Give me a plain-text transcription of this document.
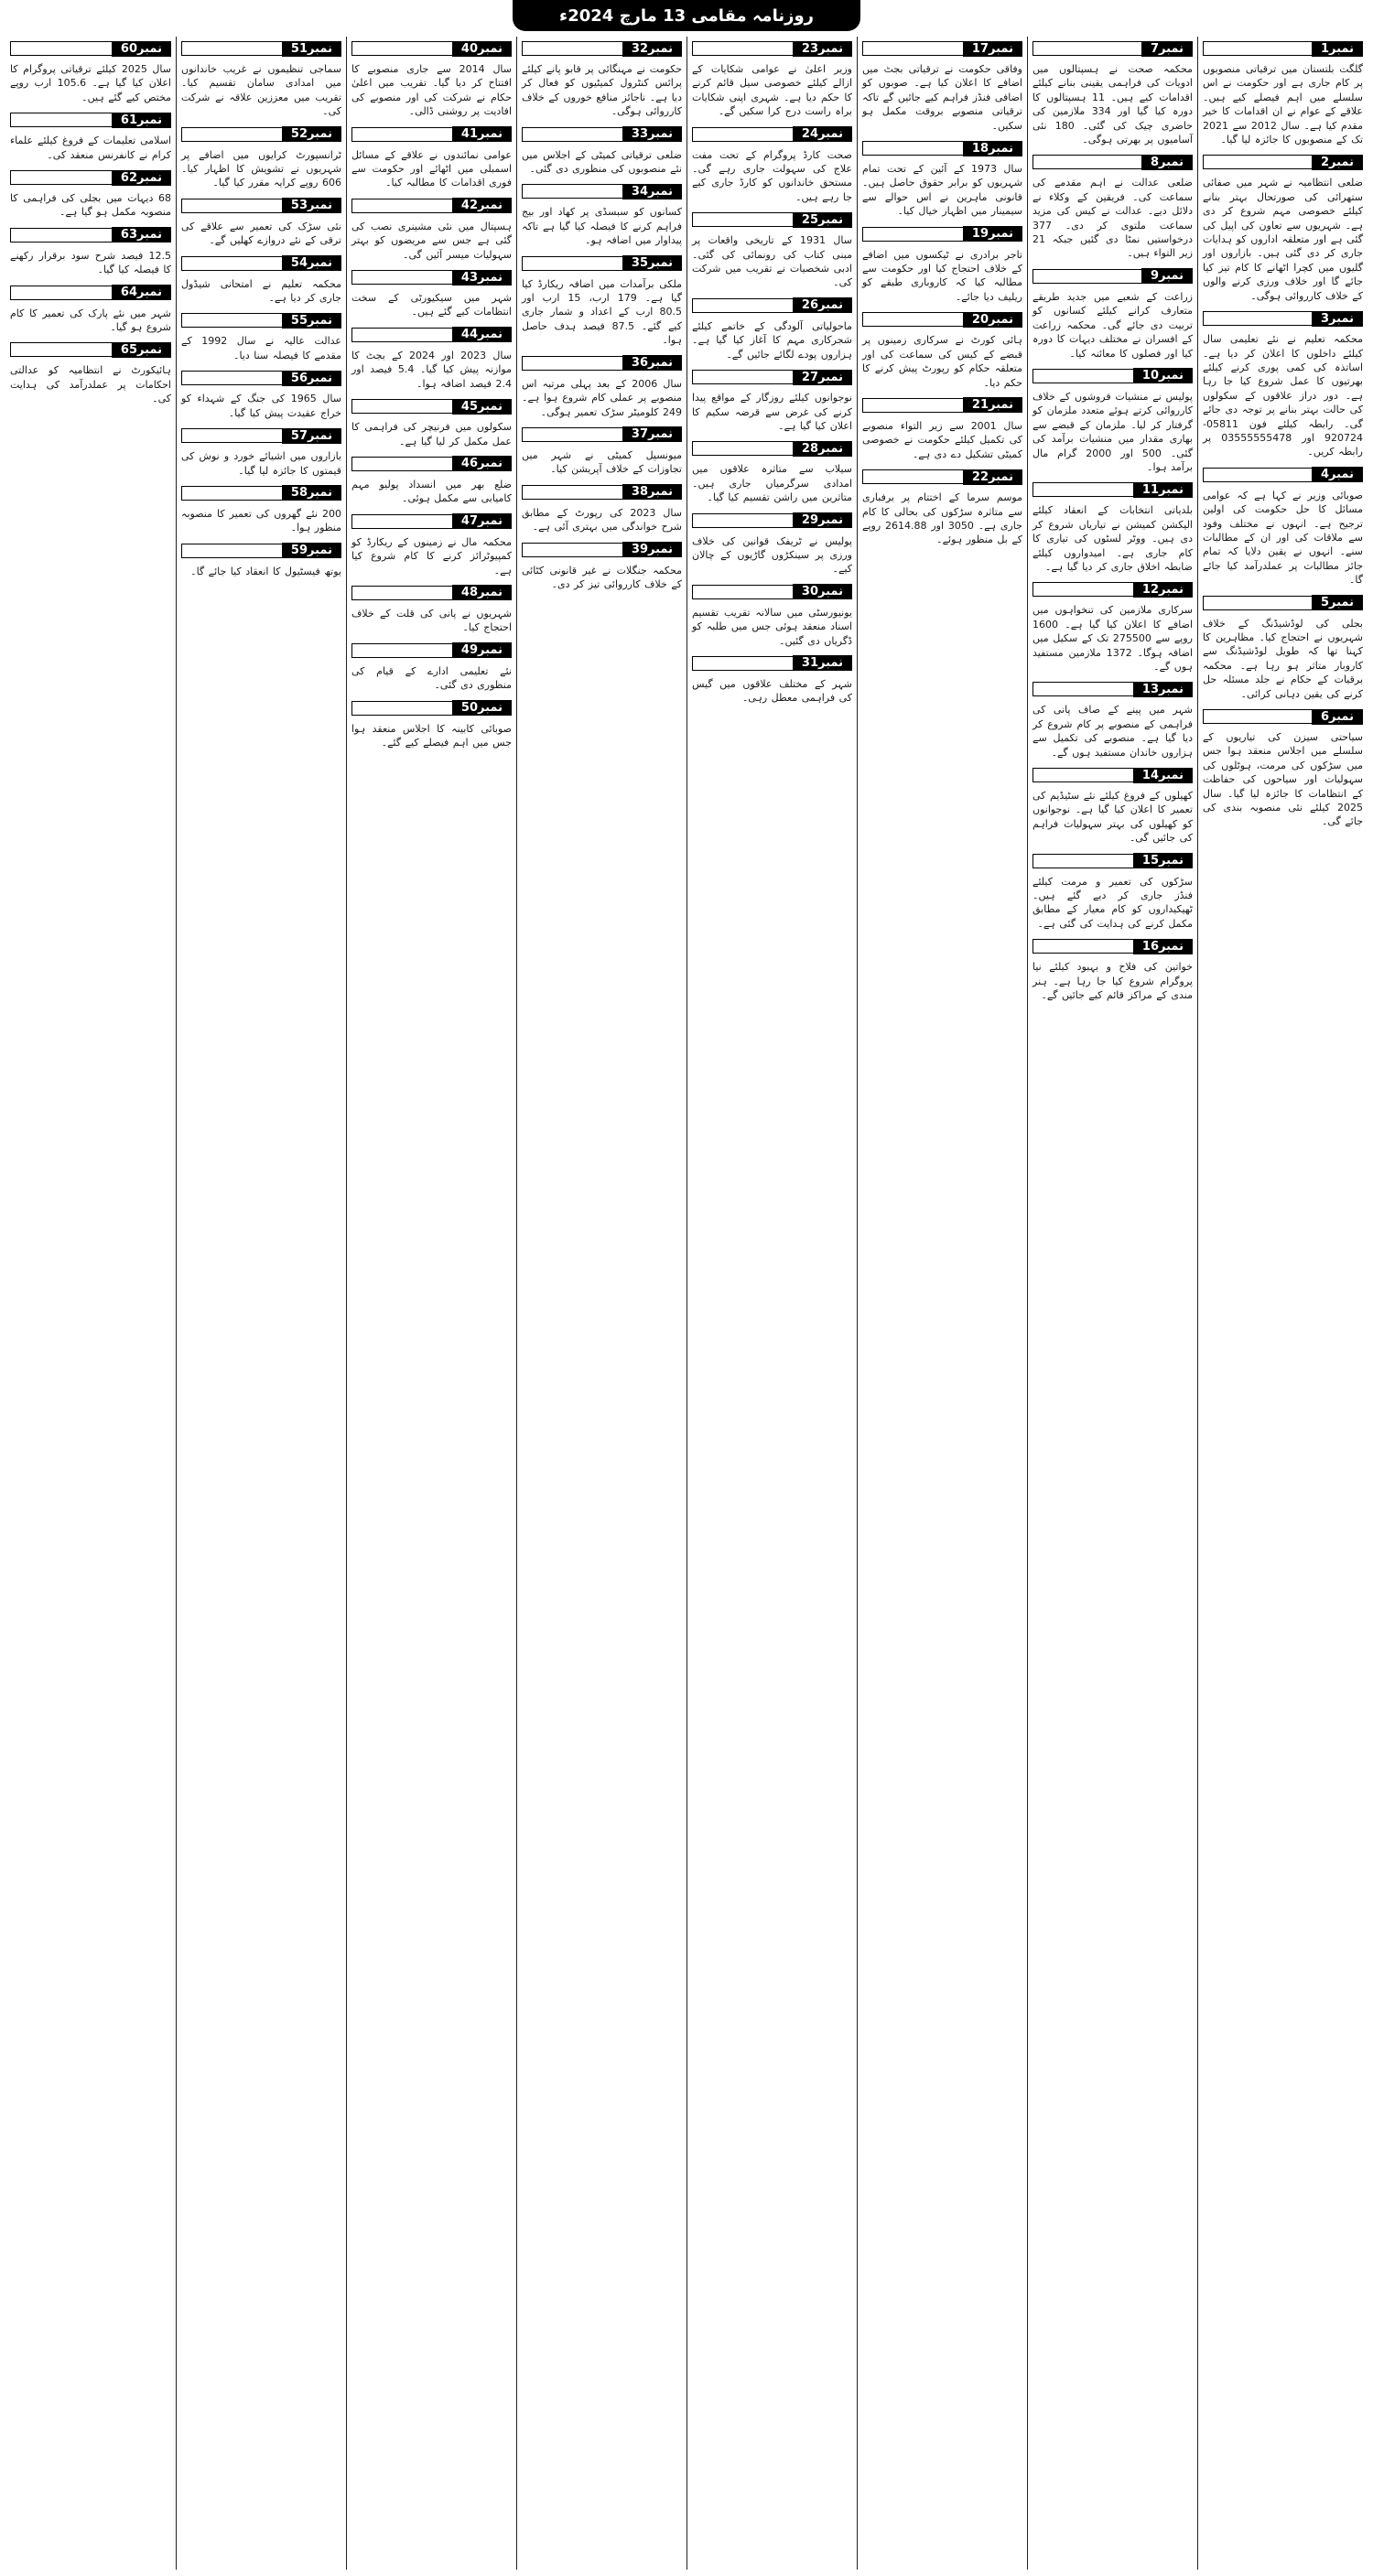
روزنامہ مقامی 13 مارچ 2024ء
نمبر1
گلگت بلتستان میں ترقیاتی منصوبوں پر کام جاری ہے اور حکومت نے اس سلسلے میں اہم فیصلے کیے ہیں۔ علاقے کے عوام نے ان اقدامات کا خیر مقدم کیا ہے۔ سال 2012 سے 2021 تک کے منصوبوں کا جائزہ لیا گیا۔
نمبر2
ضلعی انتظامیہ نے شہر میں صفائی ستھرائی کی صورتحال بہتر بنانے کیلئے خصوصی مہم شروع کر دی ہے۔ شہریوں سے تعاون کی اپیل کی گئی ہے اور متعلقہ اداروں کو ہدایات جاری کر دی گئی ہیں۔ بازاروں اور گلیوں میں کچرا اٹھانے کا کام تیز کیا جائے گا اور خلاف ورزی کرنے والوں کے خلاف کارروائی ہوگی۔
نمبر3
محکمہ تعلیم نے نئے تعلیمی سال کیلئے داخلوں کا اعلان کر دیا ہے۔ اساتذہ کی کمی پوری کرنے کیلئے بھرتیوں کا عمل شروع کیا جا رہا ہے۔ دور دراز علاقوں کے سکولوں کی حالت بہتر بنانے پر توجہ دی جائے گی۔ رابطہ کیلئے فون 05811-920724 اور 03555555478 پر رابطہ کریں۔
نمبر4
صوبائی وزیر نے کہا ہے کہ عوامی مسائل کا حل حکومت کی اولین ترجیح ہے۔ انہوں نے مختلف وفود سے ملاقات کی اور ان کے مطالبات سنے۔ انہوں نے یقین دلایا کہ تمام جائز مطالبات پر عملدرآمد کیا جائے گا۔
نمبر5
بجلی کی لوڈشیڈنگ کے خلاف شہریوں نے احتجاج کیا۔ مظاہرین کا کہنا تھا کہ طویل لوڈشیڈنگ سے کاروبار متاثر ہو رہا ہے۔ محکمہ برقیات کے حکام نے جلد مسئلہ حل کرنے کی یقین دہانی کرائی۔
نمبر6
سیاحتی سیزن کی تیاریوں کے سلسلے میں اجلاس منعقد ہوا جس میں سڑکوں کی مرمت، ہوٹلوں کی سہولیات اور سیاحوں کی حفاظت کے انتظامات کا جائزہ لیا گیا۔ سال 2025 کیلئے نئی منصوبہ بندی کی جائے گی۔
نمبر7
محکمہ صحت نے ہسپتالوں میں ادویات کی فراہمی یقینی بنانے کیلئے اقدامات کیے ہیں۔ 11 ہسپتالوں کا دورہ کیا گیا اور 334 ملازمین کی حاضری چیک کی گئی۔ 180 نئی آسامیوں پر بھرتی ہوگی۔
نمبر8
ضلعی عدالت نے اہم مقدمے کی سماعت کی۔ فریقین کے وکلاء نے دلائل دیے۔ عدالت نے کیس کی مزید سماعت ملتوی کر دی۔ 377 درخواستیں نمٹا دی گئیں جبکہ 21 زیر التواء ہیں۔
نمبر9
زراعت کے شعبے میں جدید طریقے متعارف کرانے کیلئے کسانوں کو تربیت دی جائے گی۔ محکمہ زراعت کے افسران نے مختلف دیہات کا دورہ کیا اور فصلوں کا معائنہ کیا۔
نمبر10
پولیس نے منشیات فروشوں کے خلاف کارروائی کرتے ہوئے متعدد ملزمان کو گرفتار کر لیا۔ ملزمان کے قبضے سے بھاری مقدار میں منشیات برآمد کی گئی۔ 500 اور 2000 گرام مال برآمد ہوا۔
نمبر11
بلدیاتی انتخابات کے انعقاد کیلئے الیکشن کمیشن نے تیاریاں شروع کر دی ہیں۔ ووٹر لسٹوں کی تیاری کا کام جاری ہے۔ امیدواروں کیلئے ضابطہ اخلاق جاری کر دیا گیا ہے۔
نمبر12
سرکاری ملازمین کی تنخواہوں میں اضافے کا اعلان کیا گیا ہے۔ 1600 روپے سے 275500 تک کے سکیل میں اضافہ ہوگا۔ 1372 ملازمین مستفید ہوں گے۔
نمبر13
شہر میں پینے کے صاف پانی کی فراہمی کے منصوبے پر کام شروع کر دیا گیا ہے۔ منصوبے کی تکمیل سے ہزاروں خاندان مستفید ہوں گے۔
نمبر14
کھیلوں کے فروغ کیلئے نئے سٹیڈیم کی تعمیر کا اعلان کیا گیا ہے۔ نوجوانوں کو کھیلوں کی بہتر سہولیات فراہم کی جائیں گی۔
نمبر15
سڑکوں کی تعمیر و مرمت کیلئے فنڈز جاری کر دیے گئے ہیں۔ ٹھیکیداروں کو کام معیار کے مطابق مکمل کرنے کی ہدایت کی گئی ہے۔
نمبر16
خواتین کی فلاح و بہبود کیلئے نیا پروگرام شروع کیا جا رہا ہے۔ ہنر مندی کے مراکز قائم کیے جائیں گے۔
نمبر17
وفاقی حکومت نے ترقیاتی بجٹ میں اضافے کا اعلان کیا ہے۔ صوبوں کو اضافی فنڈز فراہم کیے جائیں گے تاکہ ترقیاتی منصوبے بروقت مکمل ہو سکیں۔
نمبر18
سال 1973 کے آئین کے تحت تمام شہریوں کو برابر حقوق حاصل ہیں۔ قانونی ماہرین نے اس حوالے سے سیمینار میں اظہار خیال کیا۔
نمبر19
تاجر برادری نے ٹیکسوں میں اضافے کے خلاف احتجاج کیا اور حکومت سے مطالبہ کیا کہ کاروباری طبقے کو ریلیف دیا جائے۔
نمبر20
ہائی کورٹ نے سرکاری زمینوں پر قبضے کے کیس کی سماعت کی اور متعلقہ حکام کو رپورٹ پیش کرنے کا حکم دیا۔
نمبر21
سال 2001 سے زیر التواء منصوبے کی تکمیل کیلئے حکومت نے خصوصی کمیٹی تشکیل دے دی ہے۔
نمبر22
موسم سرما کے اختتام پر برفباری سے متاثرہ سڑکوں کی بحالی کا کام جاری ہے۔ 3050 اور 2614.88 روپے کے بل منظور ہوئے۔
نمبر23
وزیر اعلیٰ نے عوامی شکایات کے ازالے کیلئے خصوصی سیل قائم کرنے کا حکم دیا ہے۔ شہری اپنی شکایات براہ راست درج کرا سکیں گے۔
نمبر24
صحت کارڈ پروگرام کے تحت مفت علاج کی سہولت جاری رہے گی۔ مستحق خاندانوں کو کارڈ جاری کیے جا رہے ہیں۔
نمبر25
سال 1931 کے تاریخی واقعات پر مبنی کتاب کی رونمائی کی گئی۔ ادبی شخصیات نے تقریب میں شرکت کی۔
نمبر26
ماحولیاتی آلودگی کے خاتمے کیلئے شجرکاری مہم کا آغاز کیا گیا ہے۔ ہزاروں پودے لگائے جائیں گے۔
نمبر27
نوجوانوں کیلئے روزگار کے مواقع پیدا کرنے کی غرض سے قرضہ سکیم کا اعلان کیا گیا ہے۔
نمبر28
سیلاب سے متاثرہ علاقوں میں امدادی سرگرمیاں جاری ہیں۔ متاثرین میں راشن تقسیم کیا گیا۔
نمبر29
پولیس نے ٹریفک قوانین کی خلاف ورزی پر سینکڑوں گاڑیوں کے چالان کیے۔
نمبر30
یونیورسٹی میں سالانہ تقریب تقسیم اسناد منعقد ہوئی جس میں طلبہ کو ڈگریاں دی گئیں۔
نمبر31
شہر کے مختلف علاقوں میں گیس کی فراہمی معطل رہی۔
نمبر32
حکومت نے مہنگائی پر قابو پانے کیلئے پرائس کنٹرول کمیٹیوں کو فعال کر دیا ہے۔ ناجائز منافع خوروں کے خلاف کارروائی ہوگی۔
نمبر33
ضلعی ترقیاتی کمیٹی کے اجلاس میں نئے منصوبوں کی منظوری دی گئی۔
نمبر34
کسانوں کو سبسڈی پر کھاد اور بیج فراہم کرنے کا فیصلہ کیا گیا ہے تاکہ پیداوار میں اضافہ ہو۔
نمبر35
ملکی برآمدات میں اضافہ ریکارڈ کیا گیا ہے۔ 179 ارب، 15 ارب اور 80.5 ارب کے اعداد و شمار جاری کیے گئے۔ 87.5 فیصد ہدف حاصل ہوا۔
نمبر36
سال 2006 کے بعد پہلی مرتبہ اس منصوبے پر عملی کام شروع ہوا ہے۔ 249 کلومیٹر سڑک تعمیر ہوگی۔
نمبر37
میونسپل کمیٹی نے شہر میں تجاوزات کے خلاف آپریشن کیا۔
نمبر38
سال 2023 کی رپورٹ کے مطابق شرح خواندگی میں بہتری آئی ہے۔
نمبر39
محکمہ جنگلات نے غیر قانونی کٹائی کے خلاف کارروائی تیز کر دی۔
نمبر40
سال 2014 سے جاری منصوبے کا افتتاح کر دیا گیا۔ تقریب میں اعلیٰ حکام نے شرکت کی اور منصوبے کی افادیت پر روشنی ڈالی۔
نمبر41
عوامی نمائندوں نے علاقے کے مسائل اسمبلی میں اٹھائے اور حکومت سے فوری اقدامات کا مطالبہ کیا۔
نمبر42
ہسپتال میں نئی مشینری نصب کی گئی ہے جس سے مریضوں کو بہتر سہولیات میسر آئیں گی۔
نمبر43
شہر میں سیکیورٹی کے سخت انتظامات کیے گئے ہیں۔
نمبر44
سال 2023 اور 2024 کے بجٹ کا موازنہ پیش کیا گیا۔ 5.4 فیصد اور 2.4 فیصد اضافہ ہوا۔
نمبر45
سکولوں میں فرنیچر کی فراہمی کا عمل مکمل کر لیا گیا ہے۔
نمبر46
ضلع بھر میں انسداد پولیو مہم کامیابی سے مکمل ہوئی۔
نمبر47
محکمہ مال نے زمینوں کے ریکارڈ کو کمپیوٹرائز کرنے کا کام شروع کیا ہے۔
نمبر48
شہریوں نے پانی کی قلت کے خلاف احتجاج کیا۔
نمبر49
نئے تعلیمی ادارے کے قیام کی منظوری دی گئی۔
نمبر50
صوبائی کابینہ کا اجلاس منعقد ہوا جس میں اہم فیصلے کیے گئے۔
نمبر51
سماجی تنظیموں نے غریب خاندانوں میں امدادی سامان تقسیم کیا۔ تقریب میں معززین علاقہ نے شرکت کی۔
نمبر52
ٹرانسپورٹ کرایوں میں اضافے پر شہریوں نے تشویش کا اظہار کیا۔ 606 روپے کرایہ مقرر کیا گیا۔
نمبر53
نئی سڑک کی تعمیر سے علاقے کی ترقی کے نئے دروازے کھلیں گے۔
نمبر54
محکمہ تعلیم نے امتحانی شیڈول جاری کر دیا ہے۔
نمبر55
عدالت عالیہ نے سال 1992 کے مقدمے کا فیصلہ سنا دیا۔
نمبر56
سال 1965 کی جنگ کے شہداء کو خراج عقیدت پیش کیا گیا۔
نمبر57
بازاروں میں اشیائے خورد و نوش کی قیمتوں کا جائزہ لیا گیا۔
نمبر58
200 نئے گھروں کی تعمیر کا منصوبہ منظور ہوا۔
نمبر59
یوتھ فیسٹیول کا انعقاد کیا جائے گا۔
نمبر60
سال 2025 کیلئے ترقیاتی پروگرام کا اعلان کیا گیا ہے۔ 105.6 ارب روپے مختص کیے گئے ہیں۔
نمبر61
اسلامی تعلیمات کے فروغ کیلئے علماء کرام نے کانفرنس منعقد کی۔
نمبر62
68 دیہات میں بجلی کی فراہمی کا منصوبہ مکمل ہو گیا ہے۔
نمبر63
12.5 فیصد شرح سود برقرار رکھنے کا فیصلہ کیا گیا۔
نمبر64
شہر میں نئے پارک کی تعمیر کا کام شروع ہو گیا۔
نمبر65
ہائیکورٹ نے انتظامیہ کو عدالتی احکامات پر عملدرآمد کی ہدایت کی۔
